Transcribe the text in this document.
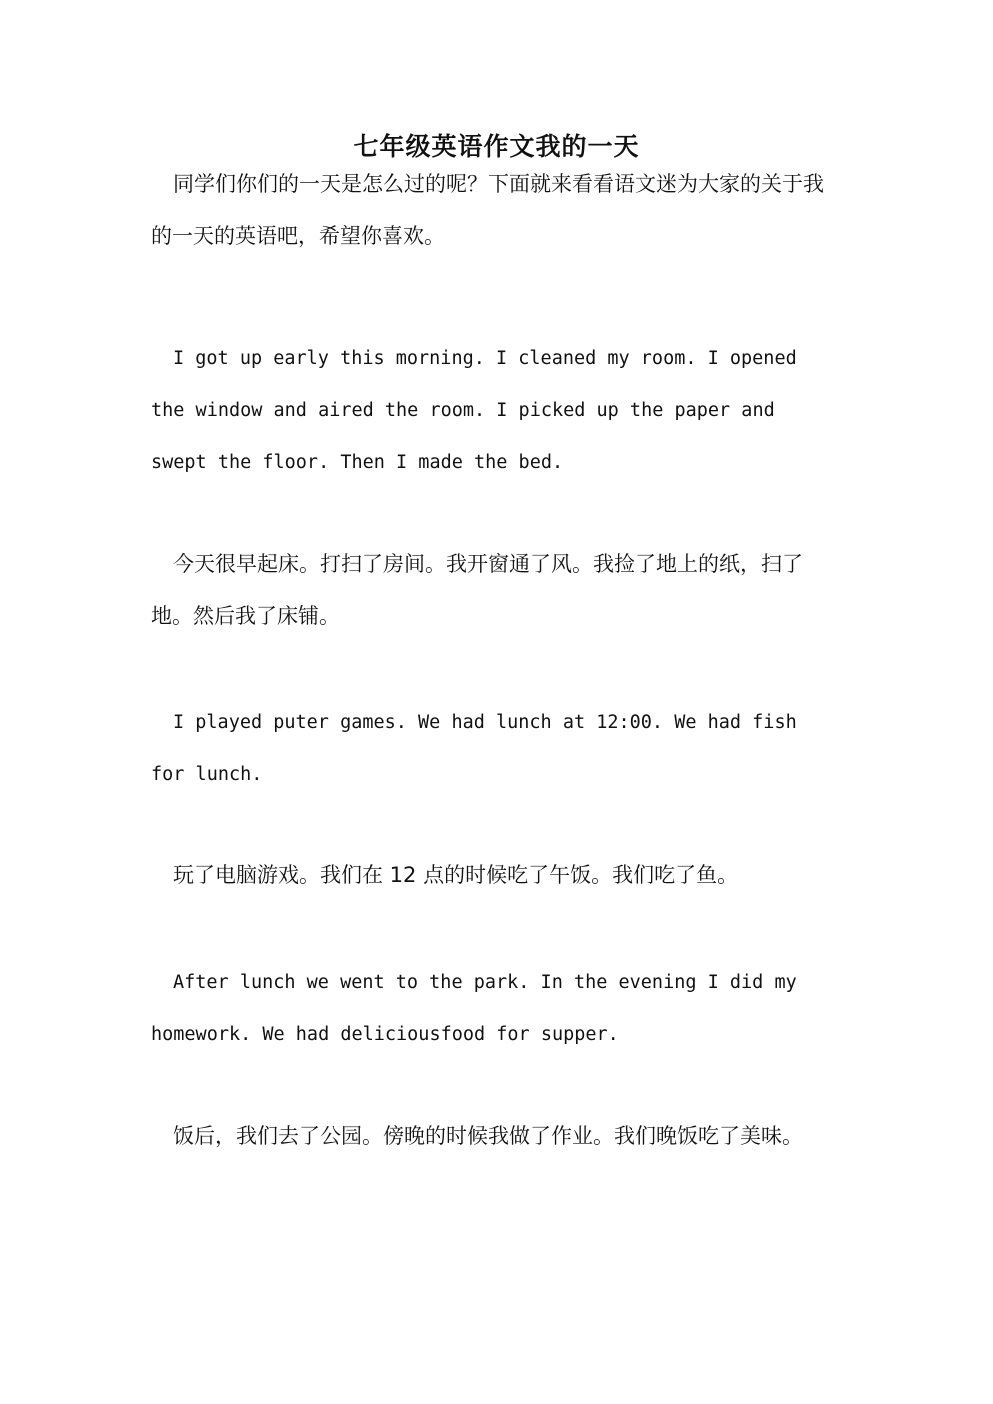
七年级英语作文我的一天

同学们你们的一天是怎么过的呢？下面就来看看语文迷为大家的关于我的一天的英语吧，希望你喜欢。

I got up early this morning. I cleaned my room. I opened
the window and aired the room. I picked up the paper and
swept the floor. Then I made the bed.

今天很早起床。打扫了房间。我开窗通了风。我捡了地上的纸，扫了地。然后我了床铺。

I played puter games. We had lunch at 12:00. We had fish
for lunch.

玩了电脑游戏。我们在 12 点的时候吃了午饭。我们吃了鱼。

After lunch we went to the park. In the evening I did my
homework. We had deliciousfood for supper.

饭后，我们去了公园。傍晚的时候我做了作业。我们晚饭吃了美味。
